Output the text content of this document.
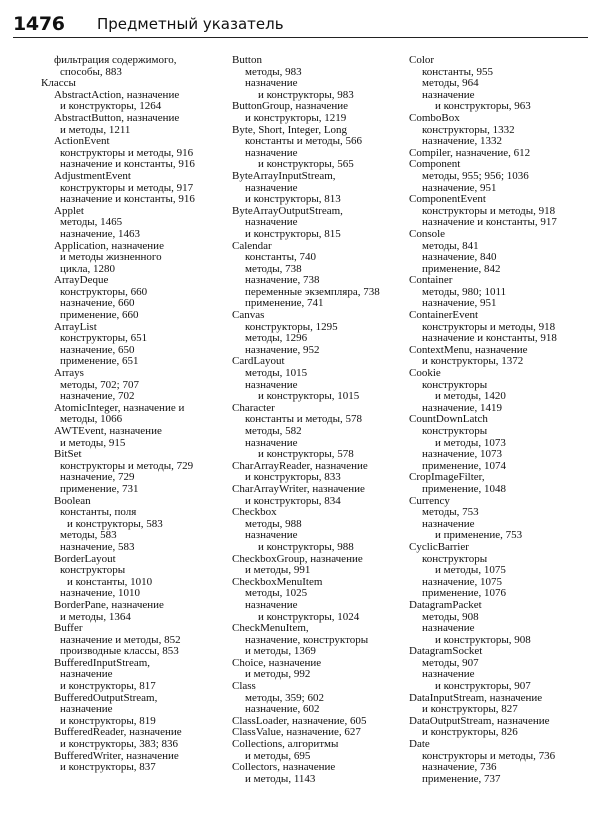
1476 Предметный указатель
фильтрация содержимого,
способы, 883
Классы
AbstractAction, назначение
и конструкторы, 1264
AbstractButton, назначение
и методы, 1211
ActionEvent
конструкторы и методы, 916
назначение и константы, 916
AdjustmentEvent
конструкторы и методы, 917
назначение и константы, 916
Applet
методы, 1465
назначение, 1463
Application, назначение
и методы жизненного
цикла, 1280
ArrayDeque
конструкторы, 660
назначение, 660
применение, 660
ArrayList
конструкторы, 651
назначение, 650
применение, 651
Arrays
методы, 702; 707
назначение, 702
AtomicInteger, назначение и
методы, 1066
AWTEvent, назначение
и методы, 915
BitSet
конструкторы и методы, 729
назначение, 729
применение, 731
Boolean
константы, поля
и конструкторы, 583
методы, 583
назначение, 583
BorderLayout
конструкторы
и константы, 1010
назначение, 1010
BorderPane, назначение
и методы, 1364
Buffer
назначение и методы, 852
производные классы, 853
BufferedInputStream,
назначение
и конструкторы, 817
BufferedOutputStream,
назначение
и конструкторы, 819
BufferedReader, назначение
и конструкторы, 383; 836
BufferedWriter, назначение
и конструкторы, 837
Button
методы, 983
назначение
и конструкторы, 983
ButtonGroup, назначение
и конструкторы, 1219
Byte, Short, Integer, Long
константы и методы, 566
назначение
и конструкторы, 565
ByteArrayInputStream,
назначение
и конструкторы, 813
ByteArrayOutputStream,
назначение
и конструкторы, 815
Calendar
константы, 740
методы, 738
назначение, 738
переменные экземпляра, 738
применение, 741
Canvas
конструкторы, 1295
методы, 1296
назначение, 952
CardLayout
методы, 1015
назначение
и конструкторы, 1015
Character
константы и методы, 578
методы, 582
назначение
и конструкторы, 578
CharArrayReader, назначение
и конструкторы, 833
CharArrayWriter, назначение
и конструкторы, 834
Checkbox
методы, 988
назначение
и конструкторы, 988
CheckboxGroup, назначение
и методы, 991
CheckboxMenuItem
методы, 1025
назначение
и конструкторы, 1024
CheckMenuItem,
назначение, конструкторы
и методы, 1369
Choice, назначение
и методы, 992
Class
методы, 359; 602
назначение, 602
ClassLoader, назначение, 605
ClassValue, назначение, 627
Collections, алгоритмы
и методы, 695
Collectors, назначение
и методы, 1143
Color
константы, 955
методы, 964
назначение
и конструкторы, 963
ComboBox
конструкторы, 1332
назначение, 1332
Compiler, назначение, 612
Component
методы, 955; 956; 1036
назначение, 951
ComponentEvent
конструкторы и методы, 918
назначение и константы, 917
Console
методы, 841
назначение, 840
применение, 842
Container
методы, 980; 1011
назначение, 951
ContainerEvent
конструкторы и методы, 918
назначение и константы, 918
ContextMenu, назначение
и конструкторы, 1372
Cookie
конструкторы
и методы, 1420
назначение, 1419
CountDownLatch
конструкторы
и методы, 1073
назначение, 1073
применение, 1074
CropImageFilter,
применение, 1048
Currency
методы, 753
назначение
и применение, 753
CyclicBarrier
конструкторы
и методы, 1075
назначение, 1075
применение, 1076
DatagramPacket
методы, 908
назначение
и конструкторы, 908
DatagramSocket
методы, 907
назначение
и конструкторы, 907
DataInputStream, назначение
и конструкторы, 827
DataOutputStream, назначение
и конструкторы, 826
Date
конструкторы и методы, 736
назначение, 736
применение, 737
